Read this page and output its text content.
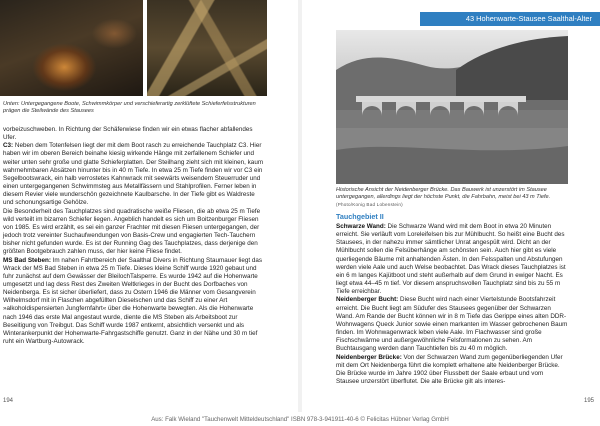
Unten: Untergegangene Boote, Schwimmkörper und verschieferartig zerklüftete Schieferfelsstrukturen prägen die Steilwände des Stausees

vorbeizuschweben. In Richtung der Schäferwiese finden wir ein etwas flacher abfallendes Ufer.

C3: Neben dem Totenfelsen liegt der mit dem Boot rasch zu erreichende Tauchplatz C3. Hier haben wir im oberen Bereich beinahe kiesig wirkende Hänge mit zerfallenem Schiefer und weiter unten sehr große und glatte Schieferplatten. Der Steilhang zieht sich mit kleinen, kaum wahrnehmbaren Absätzen hinunter bis in 40 m Tiefe. In etwa 25 m Tiefe finden wir vor C3 ein Segelbootswrack, ein halb verrostetes Kahnwrack mit seewärts weisendem Steuerruder und einen untergegangenen Schwimmsteg aus Metallfässern und Stahlprofilen. Ferner leben in diesem Revier viele wunderschön gezeichnete Kaulbarsche. In der Tiefe gibt es Waldreste und schonungsartige Gehölze.

Die Besonderheit des Tauchplatzes sind quadratische weiße Fliesen, die ab etwa 25 m Tiefe wild verteilt im bizarren Schiefer liegen. Angeblich handelt es sich um Boitzenburger Fliesen von 1985. Es wird erzählt, es sei ein ganzer Frachter mit diesen Fliesen untergegangen, der jedoch trotz vereinter Suchaufwendungen von Basis-Crew und engagierten Tech-Tauchern bisher nicht gefunden wurde. Es ist der Running Gag des Tauchplatzes, dass derjenige den größten Bootgebrauch zahlen muss, der hier keine Fliese findet.

MS Bad Steben: Im nahen Fahrtbereich der Saalthal Divers in Richtung Staumauer liegt das Wrack der MS Bad Steben in etwa 25 m Tiefe. Dieses kleine Schiff wurde 1920 gebaut und fuhr zunächst auf dem Gewässer der BleilochTalsperre. Es wurde 1942 auf die Hohenwarte umgesetzt und lag dess Rest des Zweiten Weltkrieges in der Bucht des Dorfbaches von Neidenberga. Es ist sicher überliefert, dass zu Ostern 1946 die Männer vom Gesangverein Wilhelmsdorf mit in Flaschen abgefüllten Dieselschen und das Schiff zu einer Art »alkoholdispensierten Jungfernfahrt« über die Hohenwarte bewegten. Als die Hohenwarte nach 1946 das erste Mal angestaut wurde, diente die MS Steben als Arbeitsboot zur Beseitigung von Treibgut. Das Schiff wurde 1987 entkernt, absichtlich versenkt und als Winterankerpunkt der Hohenwarte-Fahrgastschiffe genutzt. Ganz in der Nähe und 30 m tief ruht ein Wartburg-Autowrack.

194
43 Hohenwarte-Stausee Saalthal-Alter
Historische Ansicht der Neidenberger Brücke. Das Bauwerk ist unzerstört im Stausee untergegangen, allerdings liegt der höchste Punkt, die Fahrbahn, meist bei 43 m Tiefe. (Photo/Konig Bad Lobenstein)
Tauchgebiet II

Schwarze Wand: Die Schwarze Wand wird mit dem Boot in etwa 20 Minuten erreicht. Sie verläuft vom Loreleifelsen bis zur Mühlbucht. So heißt eine Bucht des Stausees, in der nahezu immer sämtlicher Unrat angespült wird. Dicht an der Mühlbucht sollen die Felsüberhänge am schönsten sein. Auch hier gibt es viele querliegende Bäume mit anhaltenden Ästen. In den Felsspalten und Abstufungen werden viele Aale und auch Welse beobachtet. Das Wrack dieses Tauchplatzes ist ein 6 m langes Kajütboot und steht außerhalb auf dem Grund in ewiger Nacht. Es liegt etwa 44–45 m tief. Vor diesem anspruchsvollen Tauchplatz sind bis zu 55 m Tiefe erreichbar.

Neidenberger Bucht: Diese Bucht wird nach einer Viertelstunde Bootsfahrzeit erreicht. Die Bucht liegt am Südufer des Stausees gegenüber der Schwarzen Wand. Am Rande der Bucht können wir in 8 m Tiefe das Gerippe eines alten DDR-Wohnwagens Queck Junior sowie einen markanten im Wasser gebrochenen Baum finden. Im Wohnwagenwrack leben viele Aale. Im Flachwasser sind große Fischschwärme und außergewöhnliche Felsformationen zu sehen. Am Buchtausgang werden dann Tauchtiefen bis zu 40 m möglich.

Neidenberger Brücke: Von der Schwarzen Wand zum gegenüberliegenden Ufer mit dem Ort Neidenberga führt die komplett erhaltene alte Neidenberger Brücke. Die Brücke wurde im Jahre 1902 über Flussbett der Saale erbaut und vom Stausee unzerstört überflutet. Die alte Brücke gilt als interes-

195
Aus: Falk Wieland "Tauchenwelt Mitteldeutschland" ISBN 978-3-941911-40-6 © Felicitas Hübner Verlag GmbH
